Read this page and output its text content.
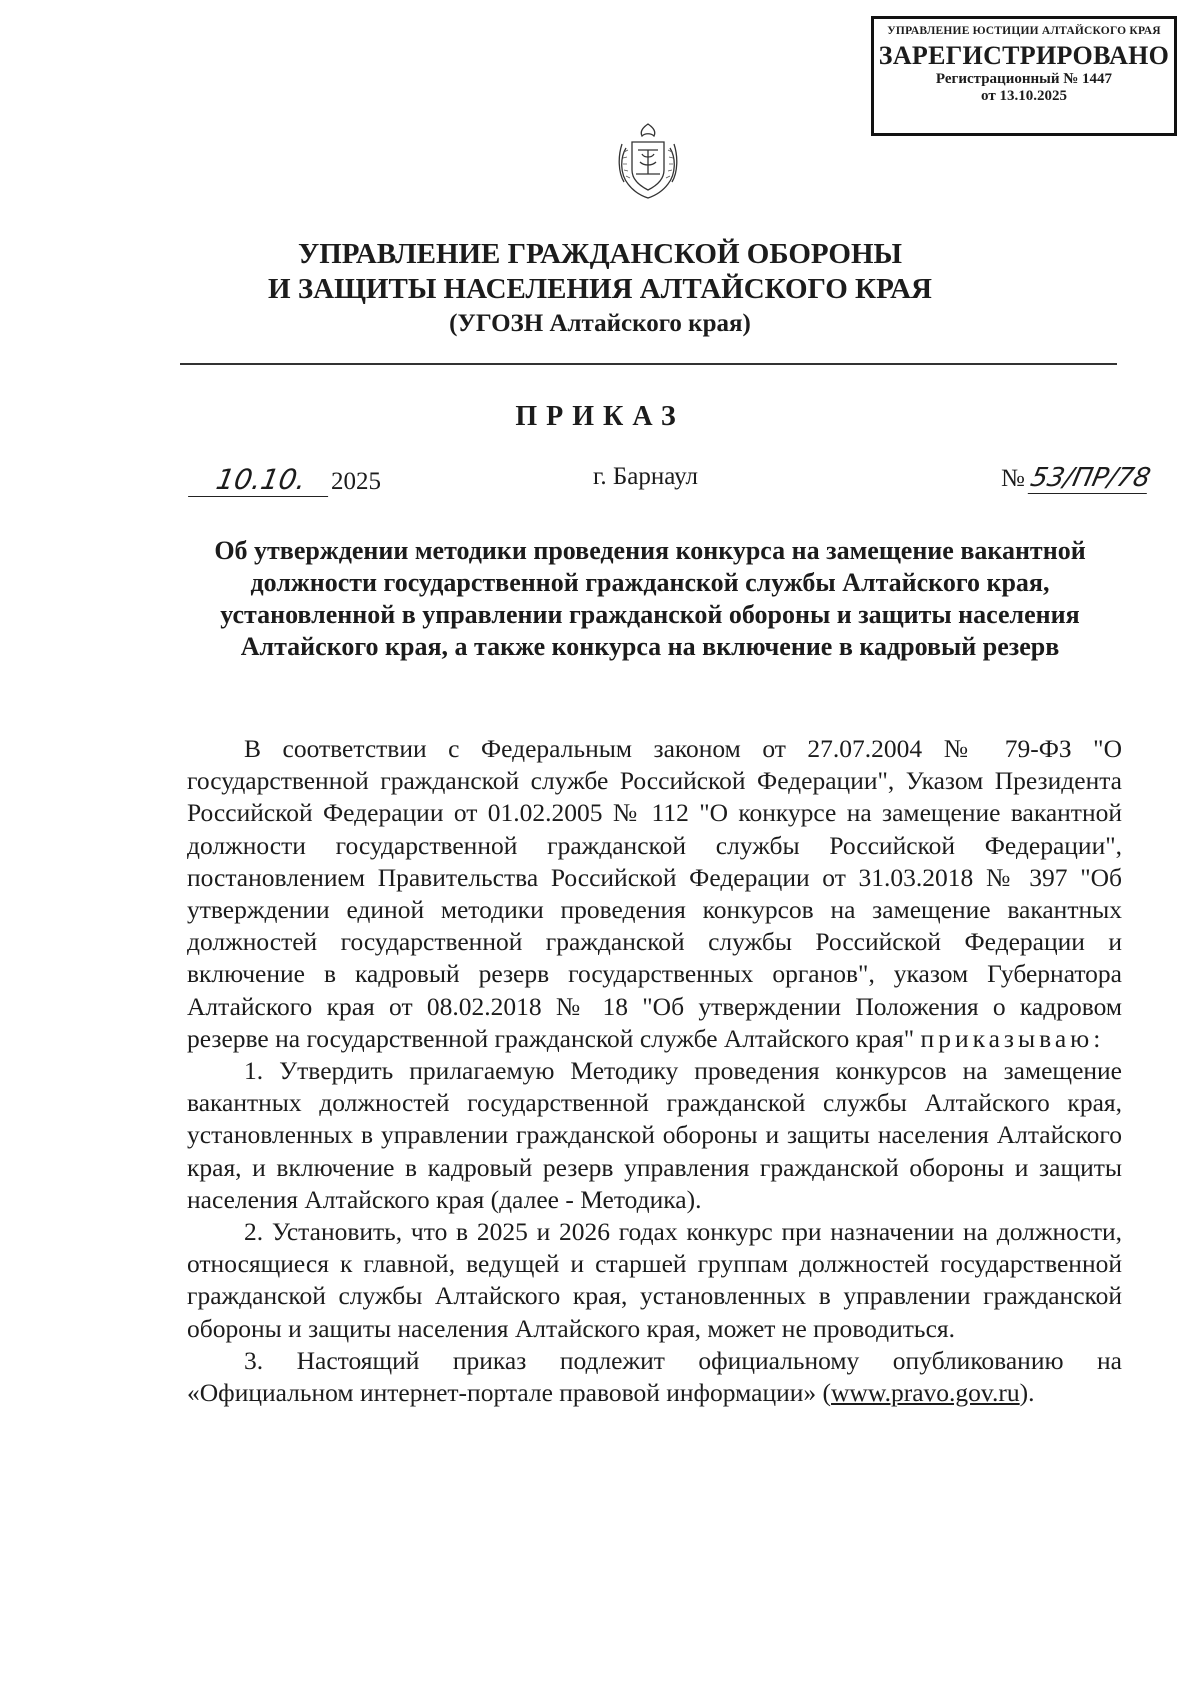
УПРАВЛЕНИЕ ЮСТИЦИИ АЛТАЙСКОГО КРАЯ
ЗАРЕГИСТРИРОВАНО
Регистрационный № 1447
от 13.10.2025
УПРАВЛЕНИЕ ГРАЖДАНСКОЙ ОБОРОНЫ
И ЗАЩИТЫ НАСЕЛЕНИЯ АЛТАЙСКОГО КРАЯ
(УГОЗН Алтайского края)
ПРИКАЗ
10.10. 2025	г. Барнаул	№ 53/ПР/78
Об утверждении методики проведения конкурса на замещение вакантной должности государственной гражданской службы Алтайского края, установленной в управлении гражданской обороны и защиты населения Алтайского края, а также конкурса на включение в кадровый резерв

В соответствии с Федеральным законом от 27.07.2004 № 79-ФЗ "О государственной гражданской службе Российской Федерации", Указом Президента Российской Федерации от 01.02.2005 № 112 "О конкурсе на замещение вакантной должности государственной гражданской службы Российской Федерации", постановлением Правительства Российской Федерации от 31.03.2018 № 397 "Об утверждении единой методики проведения конкурсов на замещение вакантных должностей государственной гражданской службы Российской Федерации и включение в кадровый резерв государственных органов", указом Губернатора Алтайского края от 08.02.2018 № 18 "Об утверждении Положения о кадровом резерве на государственной гражданской службе Алтайского края" приказываю:

1. Утвердить прилагаемую Методику проведения конкурсов на замещение вакантных должностей государственной гражданской службы Алтайского края, установленных в управлении гражданской обороны и защиты населения Алтайского края, и включение в кадровый резерв управления гражданской обороны и защиты населения Алтайского края (далее - Методика).

2. Установить, что в 2025 и 2026 годах конкурс при назначении на должности, относящиеся к главной, ведущей и старшей группам должностей государственной гражданской службы Алтайского края, установленных в управлении гражданской обороны и защиты населения Алтайского края, может не проводиться.

3. Настоящий приказ подлежит официальному опубликованию на «Официальном интернет-портале правовой информации» (www.pravo.gov.ru).
